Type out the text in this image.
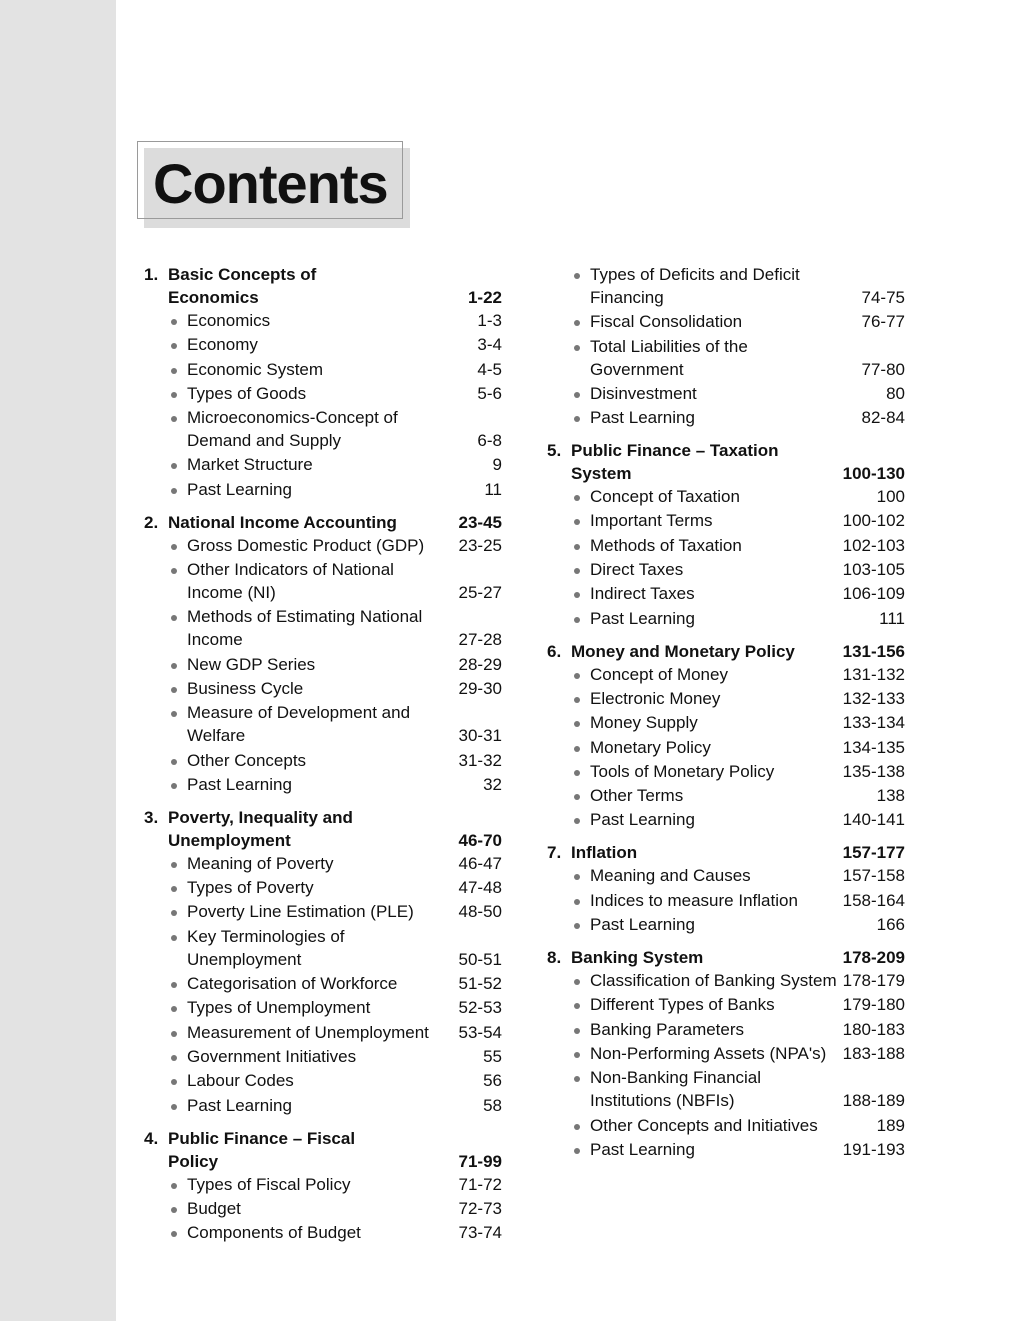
Contents
1. Basic Concepts of Economics	1-22
Economics	1-3
Economy	3-4
Economic System	4-5
Types of Goods	5-6
Microeconomics-Concept of Demand and Supply	6-8
Market Structure	9
Past Learning	11
2. National Income Accounting	23-45
Gross Domestic Product (GDP) 23-25
Other Indicators of National Income (NI)	25-27
Methods of Estimating National Income	27-28
New GDP Series	28-29
Business Cycle	29-30
Measure of Development and Welfare	30-31
Other Concepts	31-32
Past Learning	32
3. Poverty, Inequality and Unemployment	46-70
Meaning of Poverty	46-47
Types of Poverty	47-48
Poverty Line Estimation (PLE)	48-50
Key Terminologies of Unemployment	50-51
Categorisation of Workforce	51-52
Types of Unemployment	52-53
Measurement of Unemployment 53-54
Government Initiatives	55
Labour Codes	56
Past Learning	58
4. Public Finance – Fiscal Policy	71-99
Types of Fiscal Policy	71-72
Budget	72-73
Components of Budget	73-74
Types of Deficits and Deficit Financing	74-75
Fiscal Consolidation	76-77
Total Liabilities of the Government	77-80
Disinvestment	80
Past Learning	82-84
5. Public Finance – Taxation System	100-130
Concept of Taxation	100
Important Terms	100-102
Methods of Taxation	102-103
Direct Taxes	103-105
Indirect Taxes	106-109
Past Learning	111
6. Money and Monetary Policy	131-156
Concept of Money	131-132
Electronic Money	132-133
Money Supply	133-134
Monetary Policy	134-135
Tools of Monetary Policy	135-138
Other Terms	138
Past Learning	140-141
7. Inflation	157-177
Meaning and Causes	157-158
Indices to measure Inflation	158-164
Past Learning	166
8. Banking System	178-209
Classification of Banking System 178-179
Different Types of Banks	179-180
Banking Parameters	180-183
Non-Performing Assets (NPA's) 183-188
Non-Banking Financial Institutions (NBFIs)	188-189
Other Concepts and Initiatives	189
Past Learning	191-193
